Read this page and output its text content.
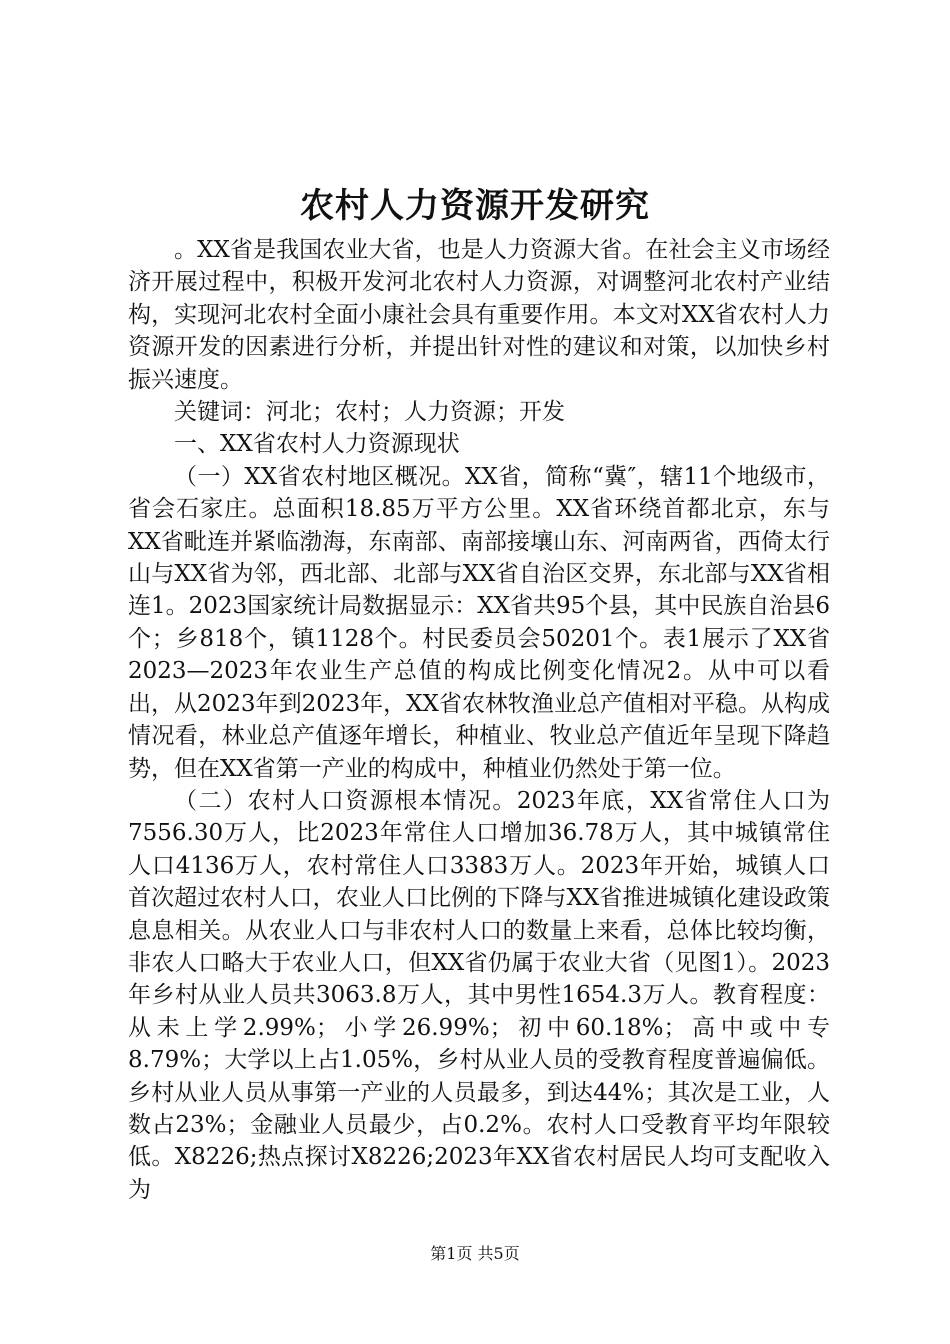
农村人力资源开发研究

。XX省是我国农业大省，也是人力资源大省。在社会主义市场经济开展过程中，积极开发河北农村人力资源，对调整河北农村产业结构，实现河北农村全面小康社会具有重要作用。本文对XX省农村人力资源开发的因素进行分析，并提出针对性的建议和对策，以加快乡村振兴速度。

关键词：河北；农村；人力资源；开发

一、XX省农村人力资源现状

（一）XX省农村地区概况。XX省，简称“冀″，辖11个地级市，省会石家庄。总面积18.85万平方公里。XX省环绕首都北京，东与XX省毗连并紧临渤海，东南部、南部接壤山东、河南两省，西倚太行山与XX省为邻，西北部、北部与XX省自治区交界，东北部与XX省相连1。2023国家统计局数据显示：XX省共95个县，其中民族自治县6个；乡818个，镇1128个。村民委员会50201个。表1展示了XX省2023—2023年农业生产总值的构成比例变化情况2。从中可以看出，从2023年到2023年，XX省农林牧渔业总产值相对平稳。从构成情况看，林业总产值逐年增长，种植业、牧业总产值近年呈现下降趋势，但在XX省第一产业的构成中，种植业仍然处于第一位。

（二）农村人口资源根本情况。2023年底，XX省常住人口为7556.30万人，比2023年常住人口增加36.78万人，其中城镇常住人口4136万人，农村常住人口3383万人。2023年开始，城镇人口首次超过农村人口，农业人口比例的下降与XX省推进城镇化建设政策息息相关。从农业人口与非农村人口的数量上来看，总体比较均衡，非农人口略大于农业人口，但XX省仍属于农业大省（见图1）。2023年乡村从业人员共3063.8万人，其中男性1654.3万人。教育程度：从未上学2.99%；小学26.99%；初中60.18%；高中或中专8.79%；大学以上占1.05%，乡村从业人员的受教育程度普遍偏低。乡村从业人员从事第一产业的人员最多，到达44%；其次是工业，人数占23%；金融业人员最少，占0.2%。农村人口受教育平均年限较低。X8226;热点探讨X8226;2023年XX省农村居民人均可支配收入为

第1页 共5页
